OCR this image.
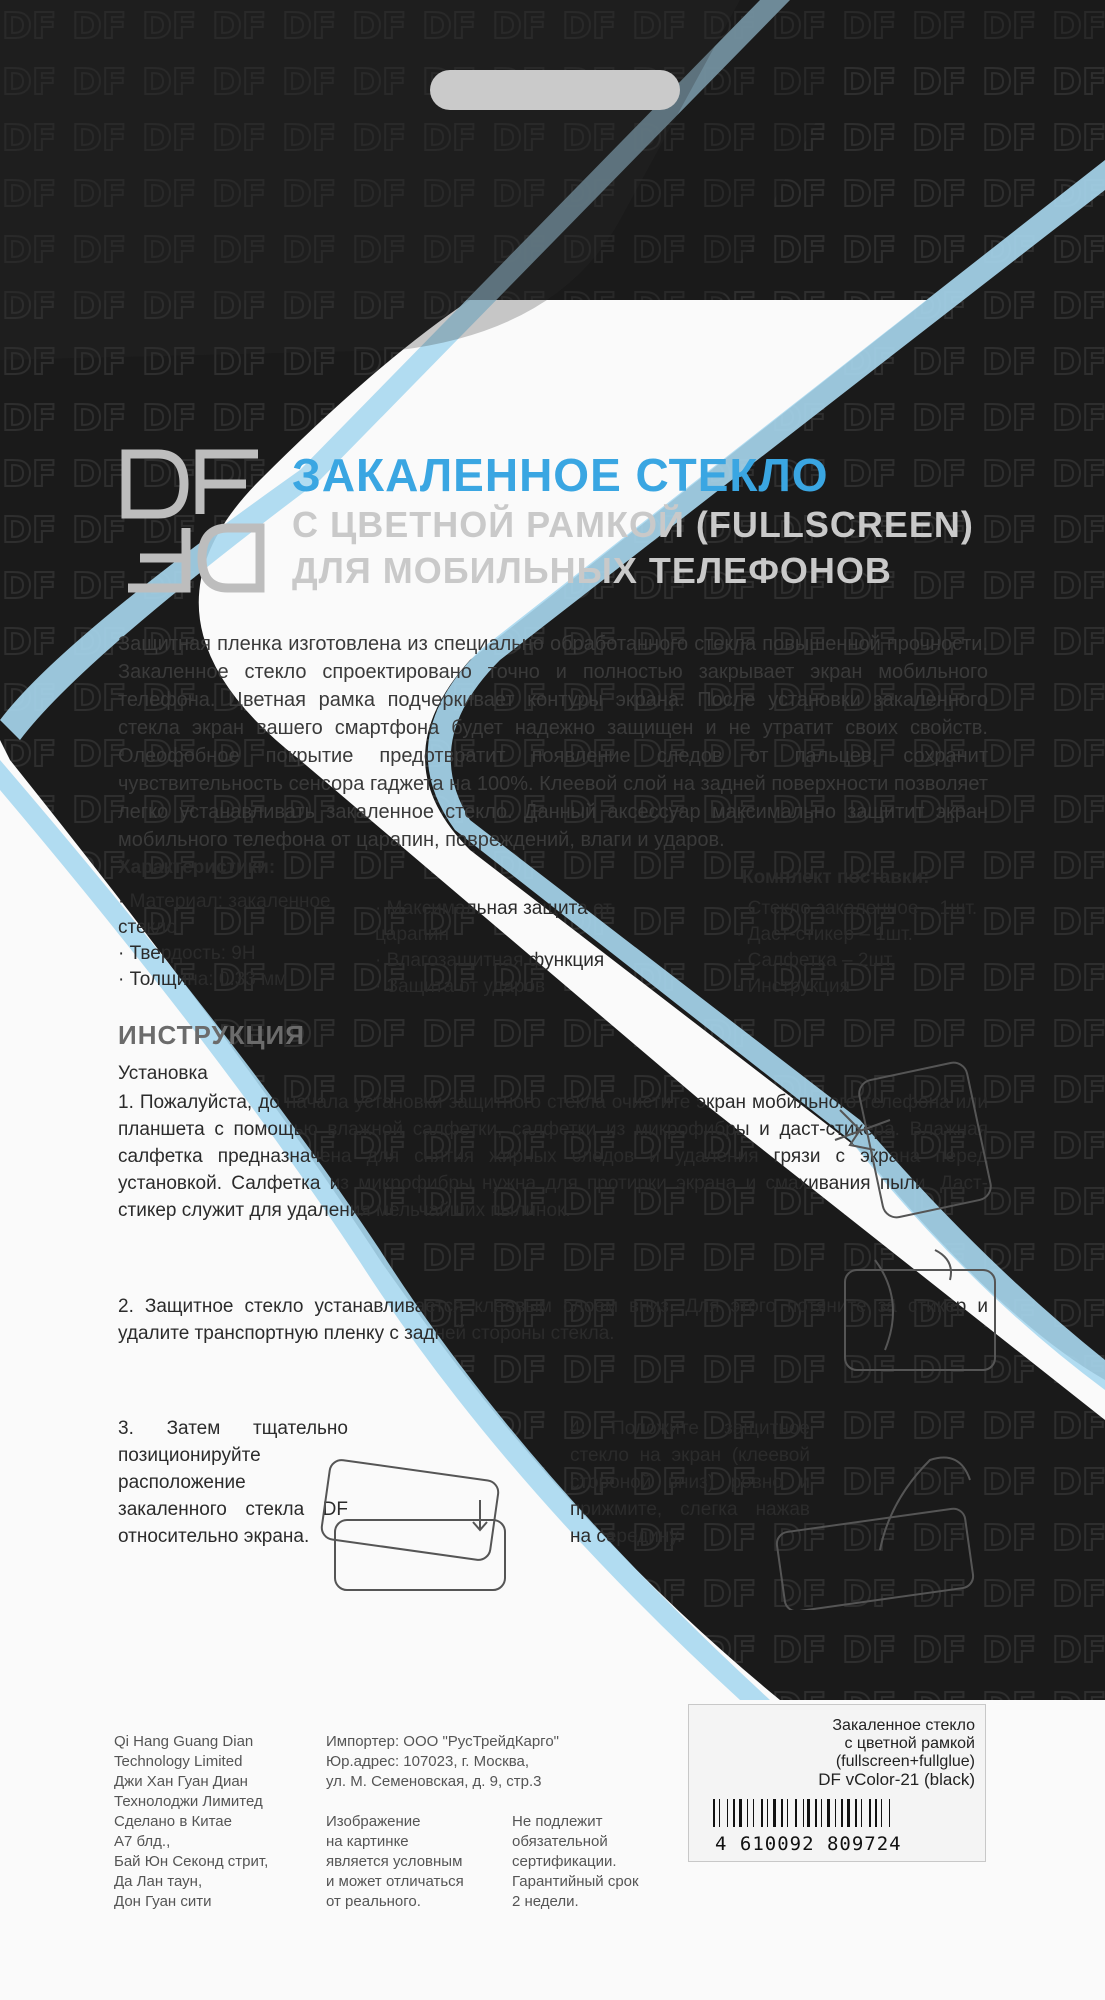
ЗАКАЛЕННОЕ СТЕКЛО
С ЦВЕТНОЙ РАМКОЙ (FULLSCREEN)
ДЛЯ МОБИЛЬНЫХ ТЕЛЕФОНОВ

Защитная пленка изготовлена из специально обработанного стекла повышенной прочности. Закаленное стекло спроектировано точно и полностью закрывает экран мобильного телефона. Цветная рамка подчеркивает контуры экрана. После установки закаленного стекла экран вашего смартфона будет надежно защищен и не утратит своих свойств. Олеофобное покрытие предотвратит появление следов от пальцев, сохранит чувствительность сенсора гаджета на 100%. Клеевой слой на задней поверхности позволяет легко устанавливать закаленное стекло. Данный аксессуар максимально защитит экран мобильного телефона от царапин, повреждений, влаги и ударов.

Характеристики:
· Материал: закаленное стекло
· Твердость: 9H
· Толщина: 0.33 мм
· Максимальная защита от царапин
· Влагозащитная функция
· Защита от ударов
Комплект поставки:
· Стекло закаленное – 1шт.
· Даст-стикер – 1шт.
· Салфетка – 2шт.
· Инструкция
ИНСТРУКЦИЯ
Установка

1. Пожалуйста, до начала установки защитного стекла очистите экран мобильного телефона или планшета с помощью влажной салфетки, салфетки из микрофибры и даст-стикера. Влажная салфетка предназначена для снятия жирных следов и удаления грязи с экрана перед установкой. Салфетка из микрофибры нужна для протирки экрана и смахивания пыли. Даст-стикер служит для удаления мельчайших пылинок.

2. Защитное стекло устанавливается клеевым слоем вниз. Для этого потяните за стикер и удалите транспортную пленку с задней стороны стекла.

3. Затем тщательно позиционируйте расположение закаленного стекла DF относительно экрана.

4. Положите защитное стекло на экран (клеевой стороной вниз) ровно и прижмите, слегка нажав на середину.

Qi Hang Guang Dian
Technology Limited
Джи Хан Гуан Диан
Технолоджи Лимитед
Сделано в Китае
А7 блд.,
Бай Юн Секонд стрит,
Да Лан таун,
Дон Гуан сити
Импортер: ООО "РусТрейдКарго"
Юр.адрес: 107023, г. Москва,
ул. М. Семеновская, д. 9, стр.3
Изображение
на картинке
является условным
и может отличаться
от реального.
Не подлежит
обязательной
сертификации.
Гарантийный срок
2 недели.
Закаленное стекло
с цветной рамкой
(fullscreen+fullglue)
DF vColor-21 (black)
4 610092 809724
